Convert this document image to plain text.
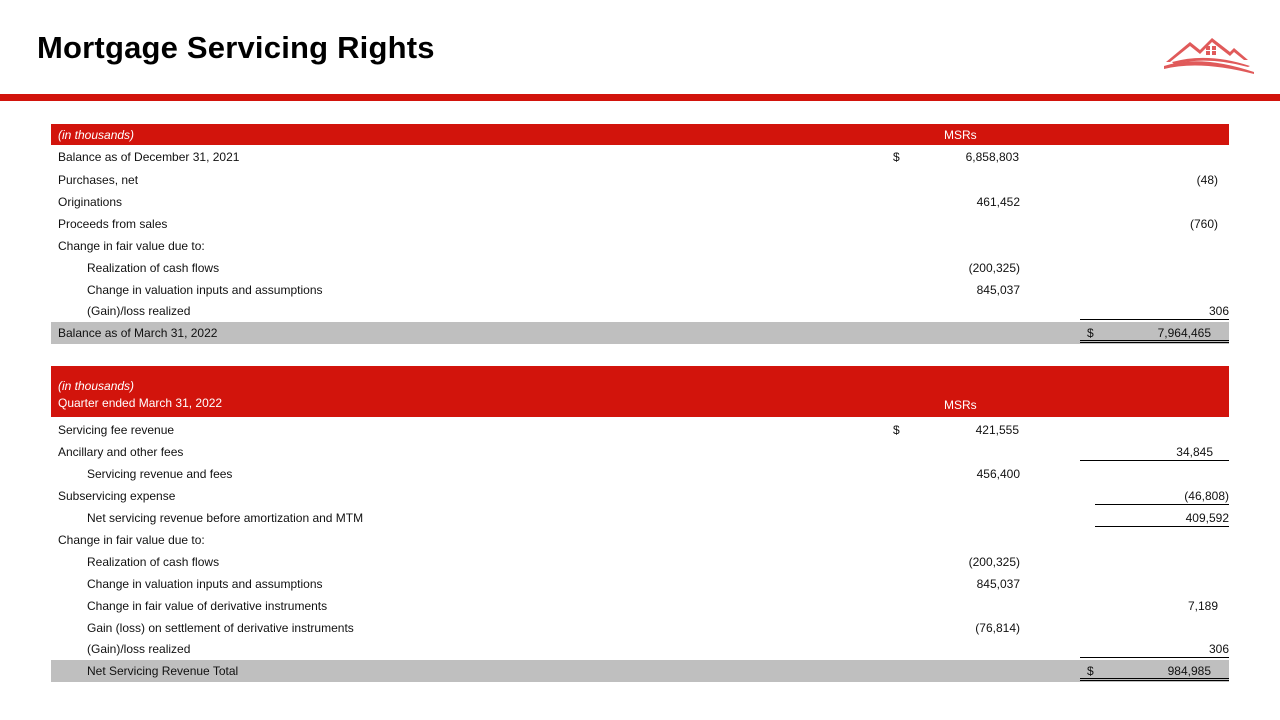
Mortgage Servicing Rights
(in thousands)	MSRs
Balance as of December 31, 2021	$	6,858,803
Purchases, net	(48)
Originations	461,452
Proceeds from sales	(760)
Change in fair value due to:
Realization of cash flows	(200,325)
Change in valuation inputs and assumptions	845,037
(Gain)/loss realized	306
Balance as of March 31, 2022	$	7,964,465
(in thousands)
Quarter ended March 31, 2022	MSRs
Servicing fee revenue	$	421,555
Ancillary and other fees	34,845
Servicing revenue and fees	456,400
Subservicing expense	(46,808)
Net servicing revenue before amortization and MTM	409,592
Change in fair value due to:
Realization of cash flows	(200,325)
Change in valuation inputs and assumptions	845,037
Change in fair value of derivative instruments	7,189
Gain (loss) on settlement of derivative instruments	(76,814)
(Gain)/loss realized	306
Net Servicing Revenue Total	$	984,985
